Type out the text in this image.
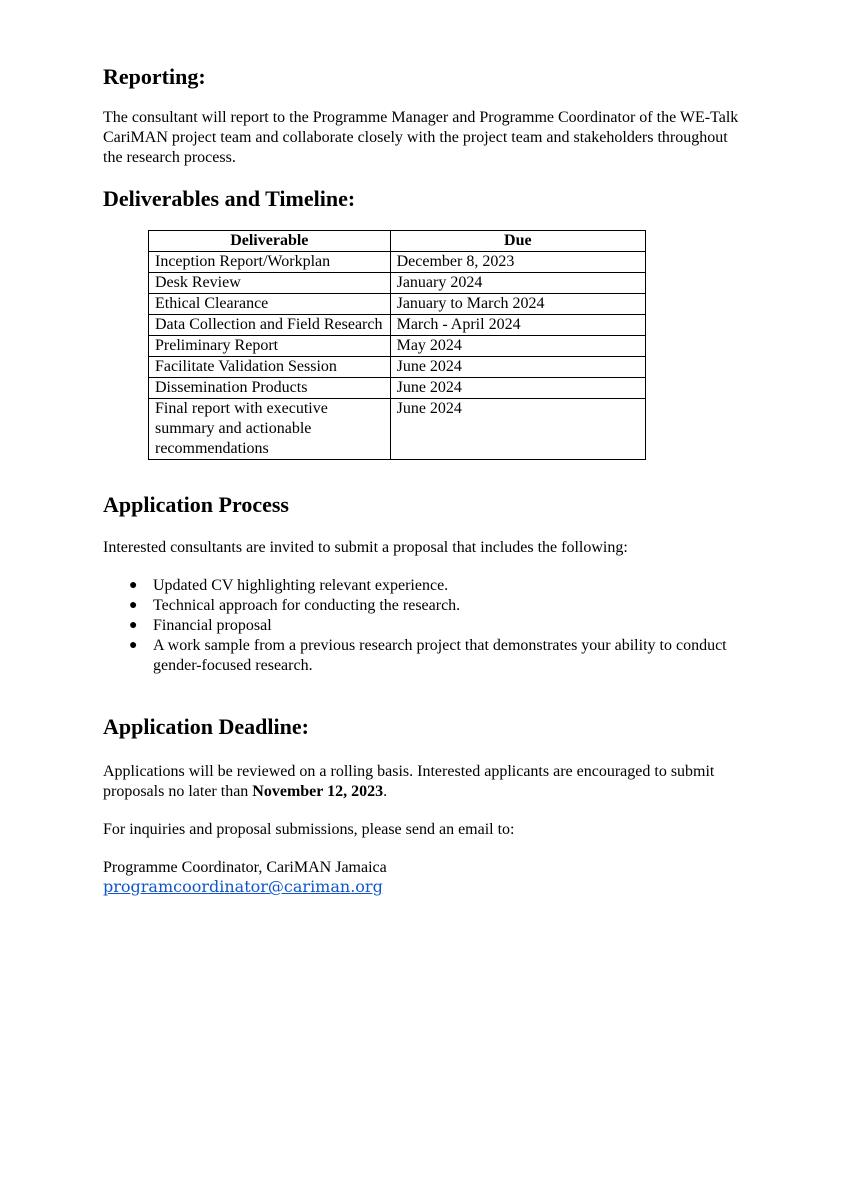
Reporting:

The consultant will report to the Programme Manager and Programme Coordinator of the WE-Talk CariMAN project team and collaborate closely with the project team and stakeholders throughout the research process.

Deliverables and Timeline:
Deliverable	Due
Inception Report/Workplan	December 8, 2023
Desk Review	January 2024
Ethical Clearance	January to March 2024
Data Collection and Field Research	March - April 2024
Preliminary Report	May 2024
Facilitate Validation Session	June 2024
Dissemination Products	June 2024
Final report with executive summary and actionable recommendations	June 2024
Application Process

Interested consultants are invited to submit a proposal that includes the following:

● Updated CV highlighting relevant experience.
● Technical approach for conducting the research.
● Financial proposal
● A work sample from a previous research project that demonstrates your ability to conduct gender-focused research.
Application Deadline:

Applications will be reviewed on a rolling basis. Interested applicants are encouraged to submit proposals no later than November 12, 2023.

For inquiries and proposal submissions, please send an email to:

Programme Coordinator, CariMAN Jamaica

programcoordinator@cariman.org
